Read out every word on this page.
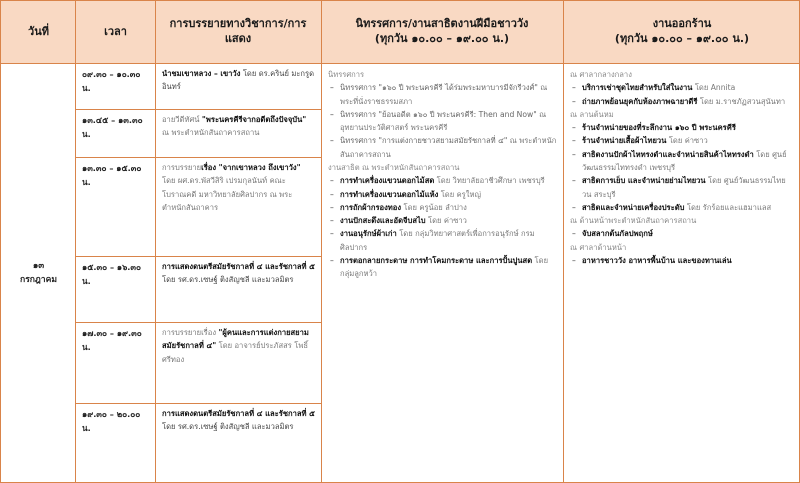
วันที่	เวลา
การบรรยายทางวิชาการ/การแสดง
นิทรรศการ/งานสาธิตงานฝีมือชาววัง
(ทุกวัน ๑๐.๐๐ – ๑๙.๐๐ น.)
งานออกร้าน
(ทุกวัน ๑๐.๐๐ – ๑๙.๐๐ น.)
๑๓
กรกฎาคม
๐๙.๓๐ – ๑๐.๓๐ น.
๑๓.๔๕ – ๑๓.๓๐ น.
๑๓.๓๐ – ๑๕.๓๐ น.
๑๕.๓๐ – ๑๖.๓๐ น.
๑๗.๓๐ – ๑๙.๓๐ น.
๑๙.๓๐ – ๒๐.๐๐ น.
นำชมเขาหลวง – เขาวัง โดย ดร.ครินย์ มะกรูดอินทร์
อายวีดีทัศน์ "พระนครคีรีจากอดีตถึงปัจจุบัน" ณ พระตำหนักสันถาคารสถาน
การบรรยายเรื่อง "จากเขาหลวง ถึงเขาวัง" โดย ผศ.ดร.พัสวีสิริ เปรมกุลนันท์ คณะโบราณคดี มหาวิทยาลัยศิลปากร ณ พระตำหนักสันถาคาร
การแสดงดนตรีสมัยรัชกาลที่ ๔ และรัชกาลที่ ๕ โดย รศ.ดร.เซษฐ์ ติงสัญชลี และมวลมิตร
การบรรยายเรื่อง "ผู้คนและการแต่งกายสยามสมัยรัชกาลที่ ๔" โดย อาจารย์ประภัสสร โพธิ์ศรีทอง
การแสดงดนตรีสมัยรัชกาลที่ ๔ และรัชกาลที่ ๕ โดย รศ.ดร.เซษฐ์ ติงสัญชลี และมวลมิตร
นิทรรศการ
– นิทรรศการ "๑๖๐ ปี พระนครคีรี ได้ร่มพระมหาบารมีจักรีวงศ์" ณ พระที่นั่งราชธรรมสภา
– นิทรรศการ "ย้อนอดีต ๑๖๐ ปี พระนครคีรี: Then and Now" ณ อุทยานประวัติศาสตร์ พระนครคีรี
– นิทรรศการ "การแต่งกายชาวสยามสมัยรัชกาลที่ ๔" ณ พระตำหนักสันถาคารสถาน
งานสาธิต ณ พระตำหนักสันถาคารสถาน
– การทำเครื่องแขวนดอกไม้สด โดย วิทยาลัยอาชีวศึกษา เพชรบุรี
– การทำเครื่องแขวนดอกไม้แห้ง โดย ครูใหญ่
– การถักผ้ากรองทอง โดย ครูน้อย ลำปาง
– งานปักสะดึงและอัดจีบสไบ โดย ค่าซาว
– งานอนุรักษ์ผ้าเก่า โดย กลุ่มวิทยาศาสตร์เพื่อการอนุรักษ์ กรมศิลปากร
– การตอกลายกระดาษ การทำโคมกระดาษ และการปั้นปูนสด โดย กลุ่มลูกหว้า
ณ ศาลากลางกลาง
– บริการเช่าชุดไทยสำหรับใส่ในงาน โดย Annita
– ถ่ายภาพย้อนยุคกับห้องภาพฉายาดีรี โดย ม.ราชภัฏสวนสุนันทา
ณ ลานต้นหม
– ร้านจำหน่ายของที่ระลึกงาน ๑๖๐ ปี พระนครคีรี
– ร้านจำหน่ายเสื้อผ้าไทยวน โดย ค่าซาว
– สาธิตงานปักผ้าไหทรงดำและจำหน่ายสินค้าไหทรงดำ โดย ศูนย์วัฒนธรรมไททรงดำ เพชรบุรี
– สาธิตการเย็บ และจำหน่ายย่ามไทยวน โดย ศูนย์วัฒนธรรมไทยวน สระบุรี
– สาธิตและจำหน่ายเครื่องประดับ โดย รักร้อยและแฮมาแลส
ณ ด้านหน้าพระตำหนักสันถาคารสถาน
– จับสลากต้นกัลปพฤกษ์
ณ ศาลาด้านหน้า
– อาหารชาววัง อาหารพื้นบ้าน และของทานเล่น
